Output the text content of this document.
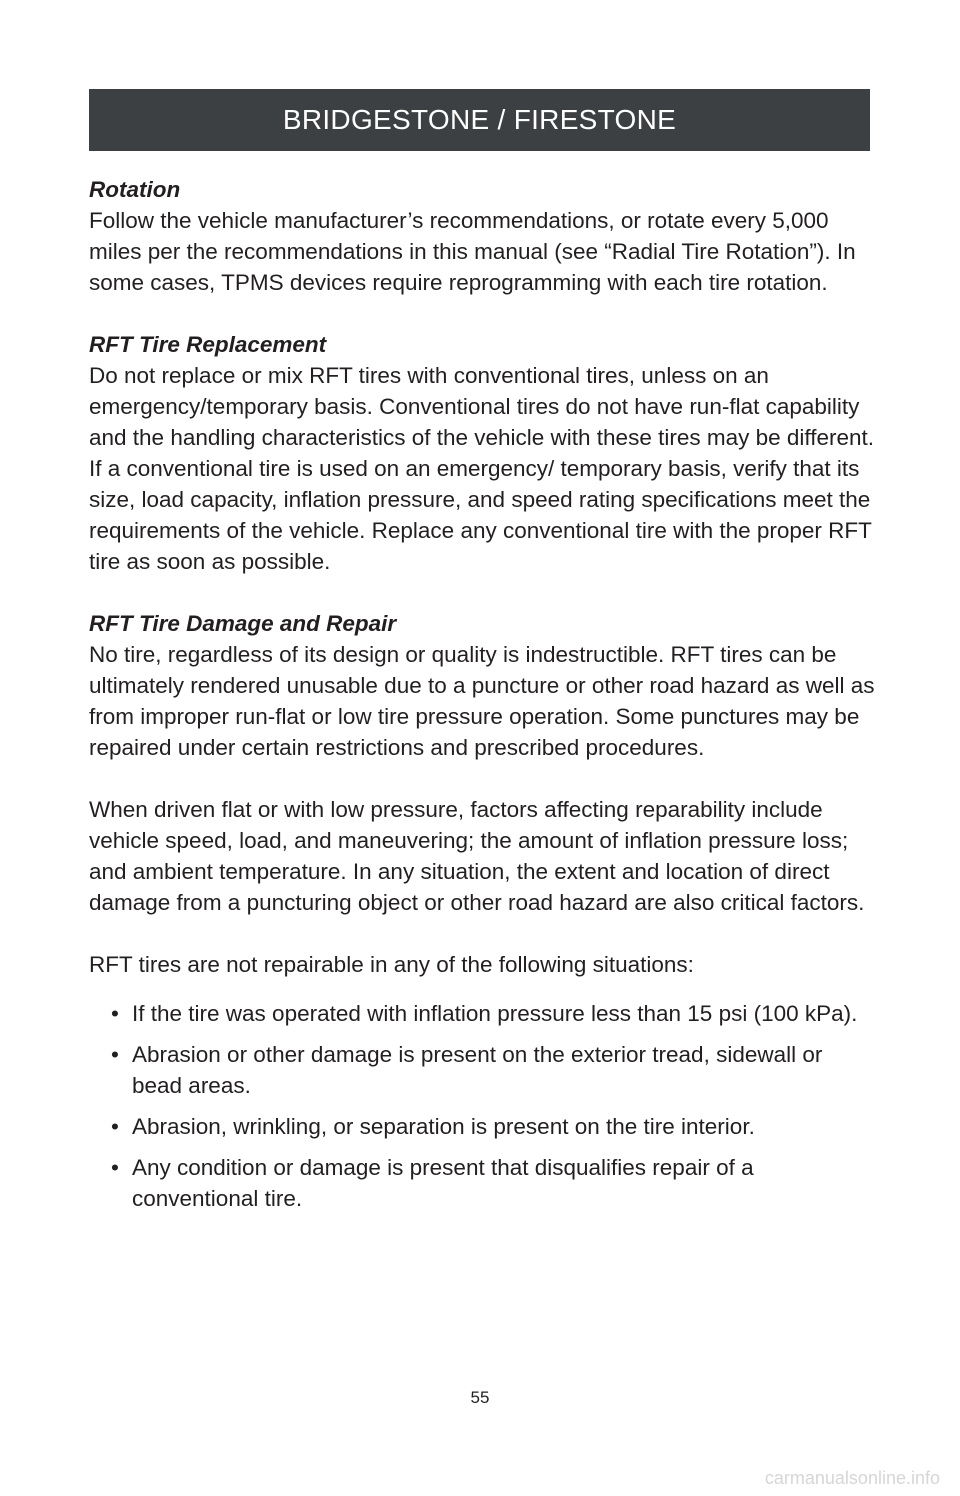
BRIDGESTONE / FIRESTONE

Rotation

Follow the vehicle manufacturer’s recommendations, or rotate every 5,000 miles per the recommendations in this manual (see “Radial Tire Rotation”). In some cases, TPMS devices require reprogramming with each tire rotation.

RFT Tire Replacement

Do not replace or mix RFT tires with conventional tires, unless on an emergency/temporary basis. Conventional tires do not have run-flat capability and the handling characteristics of the vehicle with these tires may be different. If a conventional tire is used on an emergency/ temporary basis, verify that its size, load capacity, inflation pressure, and speed rating specifications meet the requirements of the vehicle. Replace any conventional tire with the proper RFT tire as soon as possible.

RFT Tire Damage and Repair

No tire, regardless of its design or quality is indestructible. RFT tires can be ultimately rendered unusable due to a puncture or other road hazard as well as from improper run-flat or low tire pressure operation. Some punctures may be repaired under certain restrictions and prescribed procedures.

When driven flat or with low pressure, factors affecting reparability include vehicle speed, load, and maneuvering; the amount of inflation pressure loss; and ambient temperature. In any situation, the extent and location of direct damage from a puncturing object or other road hazard are also critical factors.

RFT tires are not repairable in any of the following situations:

• If the tire was operated with inflation pressure less than 15 psi (100 kPa).
• Abrasion or other damage is present on the exterior tread, sidewall or bead areas.
• Abrasion, wrinkling, or separation is present on the tire interior.
• Any condition or damage is present that disqualifies repair of a conventional tire.
55
carmanualsonline.info
